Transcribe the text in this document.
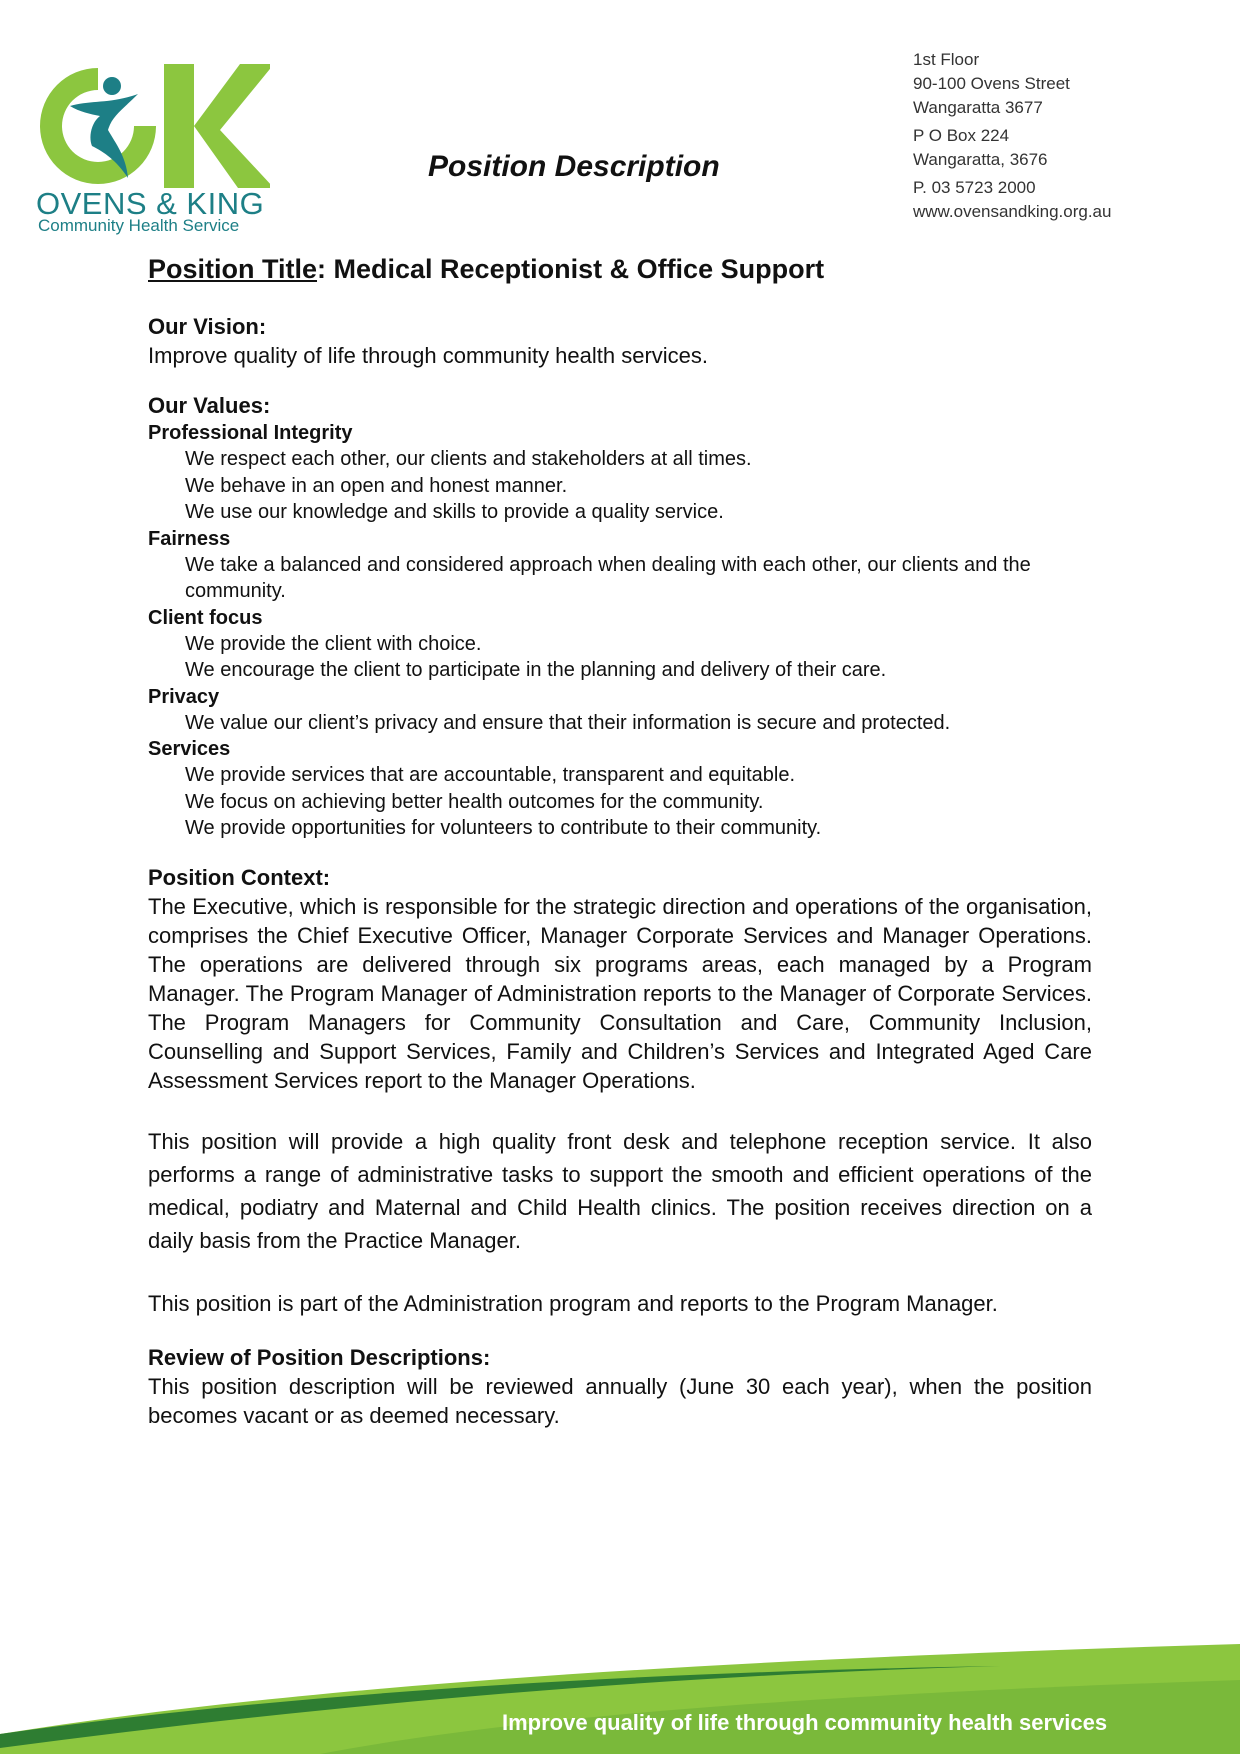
OVENS & KING
Community Health Service
Position Description
1st Floor
90-100 Ovens Street
Wangaratta 3677
P O Box 224
Wangaratta, 3676
P. 03 5723 2000
www.ovensandking.org.au

Position Title: Medical Receptionist & Office Support

Our Vision:

Improve quality of life through community health services.

Our Values:

Professional Integrity

We respect each other, our clients and stakeholders at all times.

We behave in an open and honest manner.

We use our knowledge and skills to provide a quality service.

Fairness

We take a balanced and considered approach when dealing with each other, our clients and the community.

Client focus

We provide the client with choice.

We encourage the client to participate in the planning and delivery of their care.

Privacy

We value our client’s privacy and ensure that their information is secure and protected.

Services

We provide services that are accountable, transparent and equitable.

We focus on achieving better health outcomes for the community.

We provide opportunities for volunteers to contribute to their community.

Position Context:

The Executive, which is responsible for the strategic direction and operations of the organisation, comprises the Chief Executive Officer, Manager Corporate Services and Manager Operations. The operations are delivered through six programs areas, each managed by a Program Manager. The Program Manager of Administration reports to the Manager of Corporate Services. The Program Managers for Community Consultation and Care, Community Inclusion, Counselling and Support Services, Family and Children’s Services and Integrated Aged Care Assessment Services report to the Manager Operations.

This position will provide a high quality front desk and telephone reception service. It also performs a range of administrative tasks to support the smooth and efficient operations of the medical, podiatry and Maternal and Child Health clinics. The position receives direction on a daily basis from the Practice Manager.

This position is part of the Administration program and reports to the Program Manager.

Review of Position Descriptions:

This position description will be reviewed annually (June 30 each year), when the position becomes vacant or as deemed necessary.

Improve quality of life through community health services
